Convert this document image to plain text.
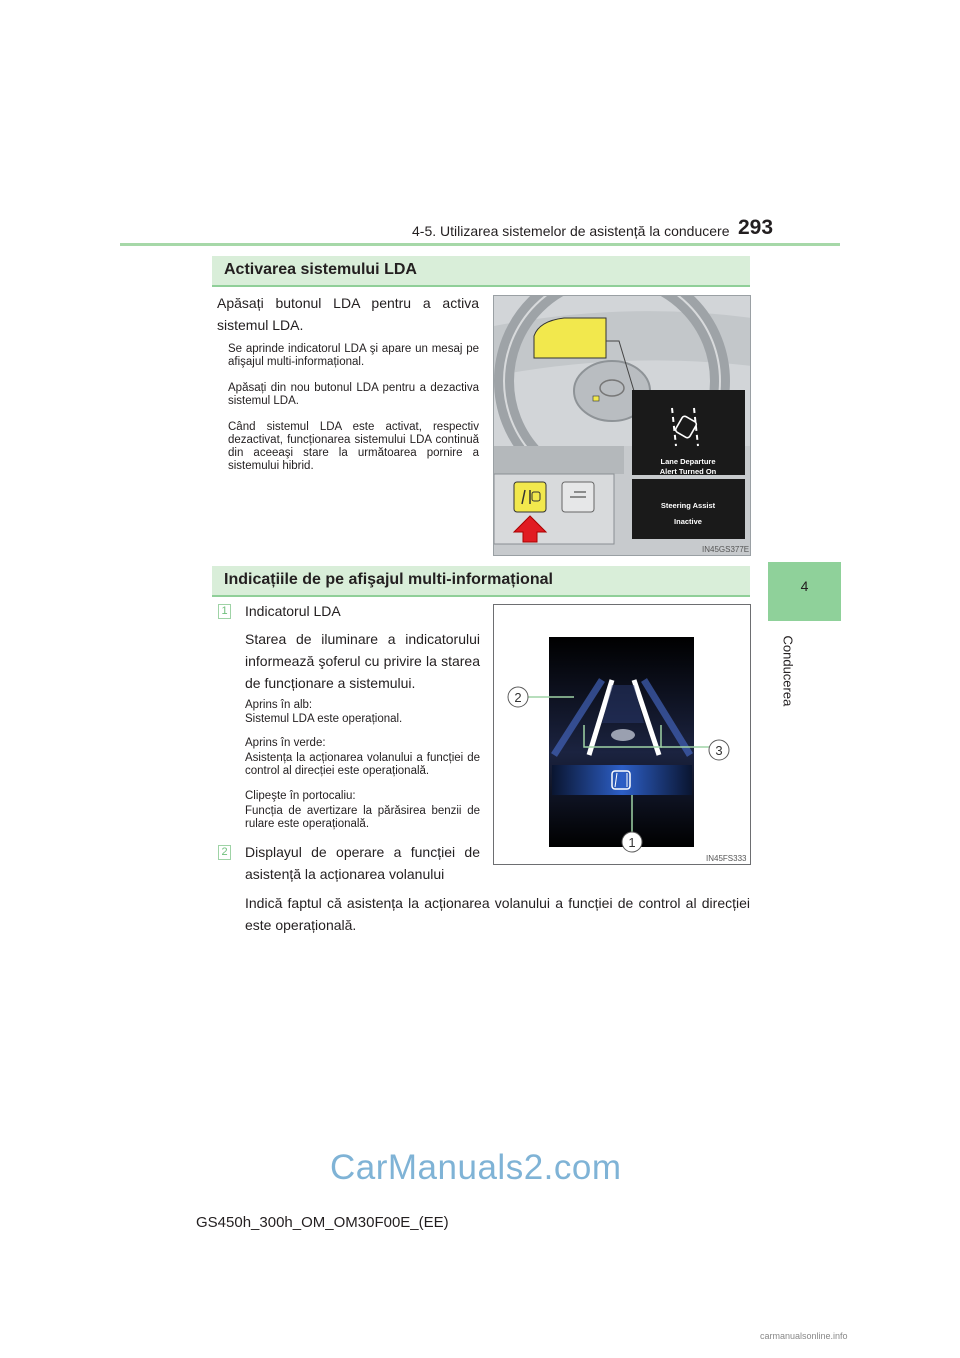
4-5. Utilizarea sistemelor de asistență la conducere 293
4
Conducerea
Activarea sistemului LDA
Apăsați butonul LDA pentru a activa sistemul LDA.
Se aprinde indicatorul LDA şi apare un mesaj pe afişajul multi-informațional.
Apăsați din nou butonul LDA pentru a dezactiva sistemul LDA.
Când sistemul LDA este activat, respectiv dezactivat, funcționarea sistemului LDA continuă din aceeaşi stare la următoarea pornire a sistemului hibrid.	Lane Departure
Alert Turned On
Steering Assist
Inactive
IN45GS377E
Indicațiile de pe afişajul multi-informațional
1 Indicatorul LDA
Starea de iluminare a indicatorului informează şoferul cu privire la starea de funcționare a sistemului.
Aprins în alb:
Sistemul LDA este operațional.
Aprins în verde:
Asistența la acționarea volanului a funcției de control al direcției este operațională.
Clipeşte în portocaliu:
Funcția de avertizare la părăsirea benzii de rulare este operațională.
2 Displayul de operare a funcției de asistență la acționarea volanului
Indică faptul că asistența la acționarea volanului a funcției de control al direcției este operațională.
2
3
1
IN45FS333
GS450h_300h_OM_OM30F00E_(EE)
CarManuals2.com
carmanualsonline.info
